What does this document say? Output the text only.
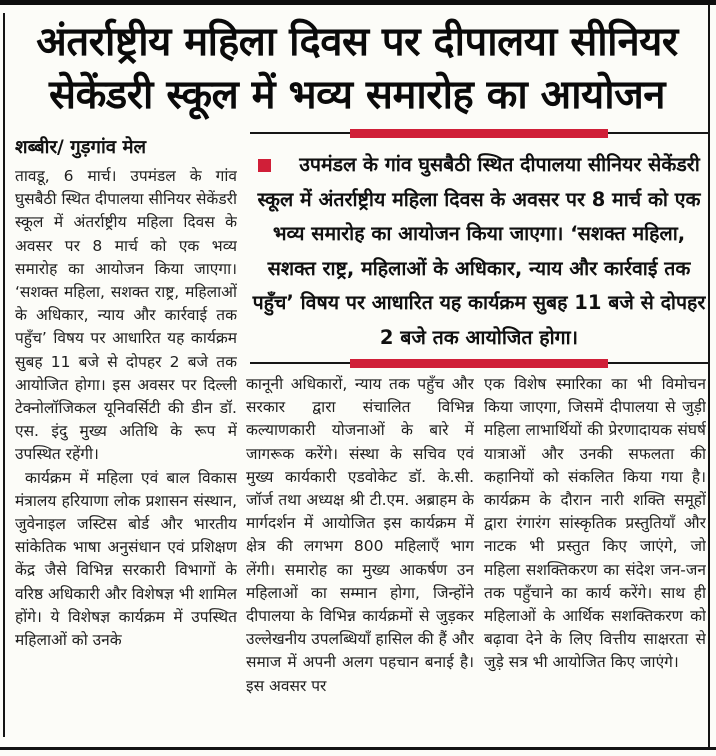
अंतर्राष्ट्रीय महिला दिवस पर दीपालया सीनियर
सेकेंडरी स्कूल में भव्य समारोह का आयोजन
शब्बीर/ गुड़गांव मेल

तावडू, 6 मार्च। उपमंडल के गांव घुसबैठी स्थित दीपालया सीनियर सेकेंडरी स्कूल में अंतर्राष्ट्रीय महिला दिवस के अवसर पर 8 मार्च को एक भव्य समारोह का आयोजन किया जाएगा। ‘सशक्त महिला, सशक्त राष्ट्र, महिलाओं के अधिकार, न्याय और कार्रवाई तक पहुँच’ विषय पर आधारित यह कार्यक्रम सुबह 11 बजे से दोपहर 2 बजे तक आयोजित होगा। इस अवसर पर दिल्ली टेक्नोलॉजिकल यूनिवर्सिटी की डीन डॉ. एस. इंदु मुख्य अतिथि के रूप में उपस्थित रहेंगी।

कार्यक्रम में महिला एवं बाल विकास मंत्रालय हरियाणा लोक प्रशासन संस्थान, जुवेनाइल जस्टिस बोर्ड और भारतीय सांकेतिक भाषा अनुसंधान एवं प्रशिक्षण केंद्र जैसे विभिन्न सरकारी विभागों के वरिष्ठ अधिकारी और विशेषज्ञ भी शामिल होंगे। ये विशेषज्ञ कार्यक्रम में उपस्थित महिलाओं को उनके

उपमंडल के गांव घुसबैठी स्थित दीपालया सीनियर सेकेंडरी स्कूल में अंतर्राष्ट्रीय महिला दिवस के अवसर पर 8 मार्च को एक भव्य समारोह का आयोजन किया जाएगा। ‘सशक्त महिला, सशक्त राष्ट्र, महिलाओं के अधिकार, न्याय और कार्रवाई तक पहुँच’ विषय पर आधारित यह कार्यक्रम सुबह 11 बजे से दोपहर 2 बजे तक आयोजित होगा।

कानूनी अधिकारों, न्याय तक पहुँच और सरकार द्वारा संचालित विभिन्न कल्याणकारी योजनाओं के बारे में जागरूक करेंगे। संस्था के सचिव एवं मुख्य कार्यकारी एडवोकेट डॉ. के.सी. जॉर्ज तथा अध्यक्ष श्री टी.एम. अब्राहम के मार्गदर्शन में आयोजित इस कार्यक्रम में क्षेत्र की लगभग 800 महिलाएँ भाग लेंगी। समारोह का मुख्य आकर्षण उन महिलाओं का सम्मान होगा, जिन्होंने दीपालया के विभिन्न कार्यक्रमों से जुड़कर उल्लेखनीय उपलब्धियाँ हासिल की हैं और समाज में अपनी अलग पहचान बनाई है। इस अवसर पर
एक विशेष स्मारिका का भी विमोचन किया जाएगा, जिसमें दीपालया से जुड़ी महिला लाभार्थियों की प्रेरणादायक संघर्ष यात्राओं और उनकी सफलता की कहानियों को संकलित किया गया है। कार्यक्रम के दौरान नारी शक्ति समूहों द्वारा रंगारंग सांस्कृतिक प्रस्तुतियाँ और नाटक भी प्रस्तुत किए जाएंगे, जो महिला सशक्तिकरण का संदेश जन-जन तक पहुँचाने का कार्य करेंगे। साथ ही महिलाओं के आर्थिक सशक्तिकरण को बढ़ावा देने के लिए वित्तीय साक्षरता से जुड़े सत्र भी आयोजित किए जाएंगे।
